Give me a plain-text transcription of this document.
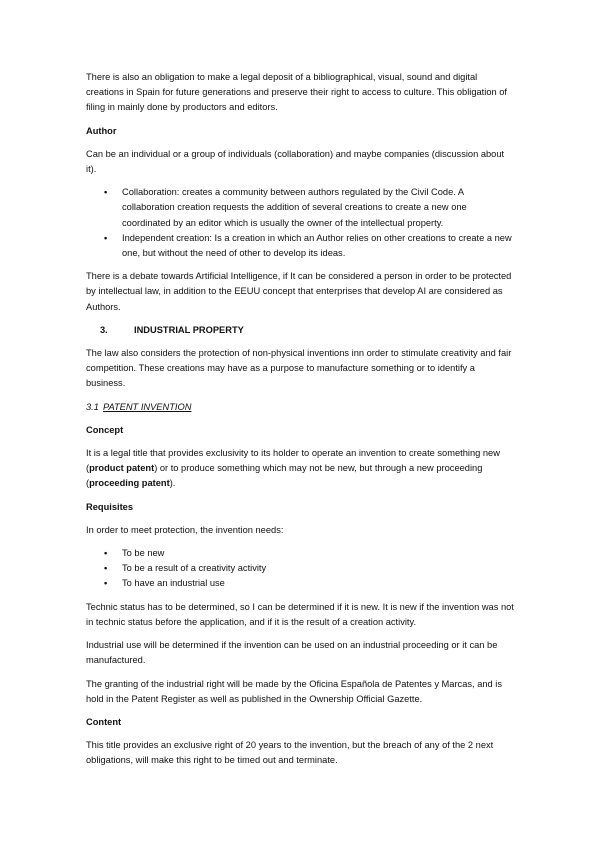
There is also an obligation to make a legal deposit of a bibliographical, visual, sound and digital creations in Spain for future generations and preserve their right to access to culture. This obligation of filing in mainly done by productors and editors.

Author

Can be an individual or a group of individuals (collaboration) and maybe companies (discussion about it).

• Collaboration: creates a community between authors regulated by the Civil Code. A collaboration creation requests the addition of several creations to create a new one coordinated by an editor which is usually the owner of the intellectual property.
• Independent creation: Is a creation in which an Author relies on other creations to create a new one, but without the need of other to develop its ideas.

There is a debate towards Artificial Intelligence, if It can be considered a person in order to be protected by intellectual law, in addition to the EEUU concept that enterprises that develop AI are considered as Authors.

3.	INDUSTRIAL PROPERTY

The law also considers the protection of non-physical inventions inn order to stimulate creativity and fair competition. These creations may have as a purpose to manufacture something or to identify a business.

3.1 PATENT INVENTION
Concept

It is a legal title that provides exclusivity to its holder to operate an invention to create something new (product patent) or to produce something which may not be new, but through a new proceeding (proceeding patent).

Requisites

In order to meet protection, the invention needs:

• To be new
• To be a result of a creativity activity
• To have an industrial use

Technic status has to be determined, so I can be determined if it is new. It is new if the invention was not in technic status before the application, and if it is the result of a creation activity.

Industrial use will be determined if the invention can be used on an industrial proceeding or it can be manufactured.

The granting of the industrial right will be made by the Oficina Española de Patentes y Marcas, and is hold in the Patent Register as well as published in the Ownership Official Gazette.

Content

This title provides an exclusive right of 20 years to the invention, but the breach of any of the 2 next obligations, will make this right to be timed out and terminate.
